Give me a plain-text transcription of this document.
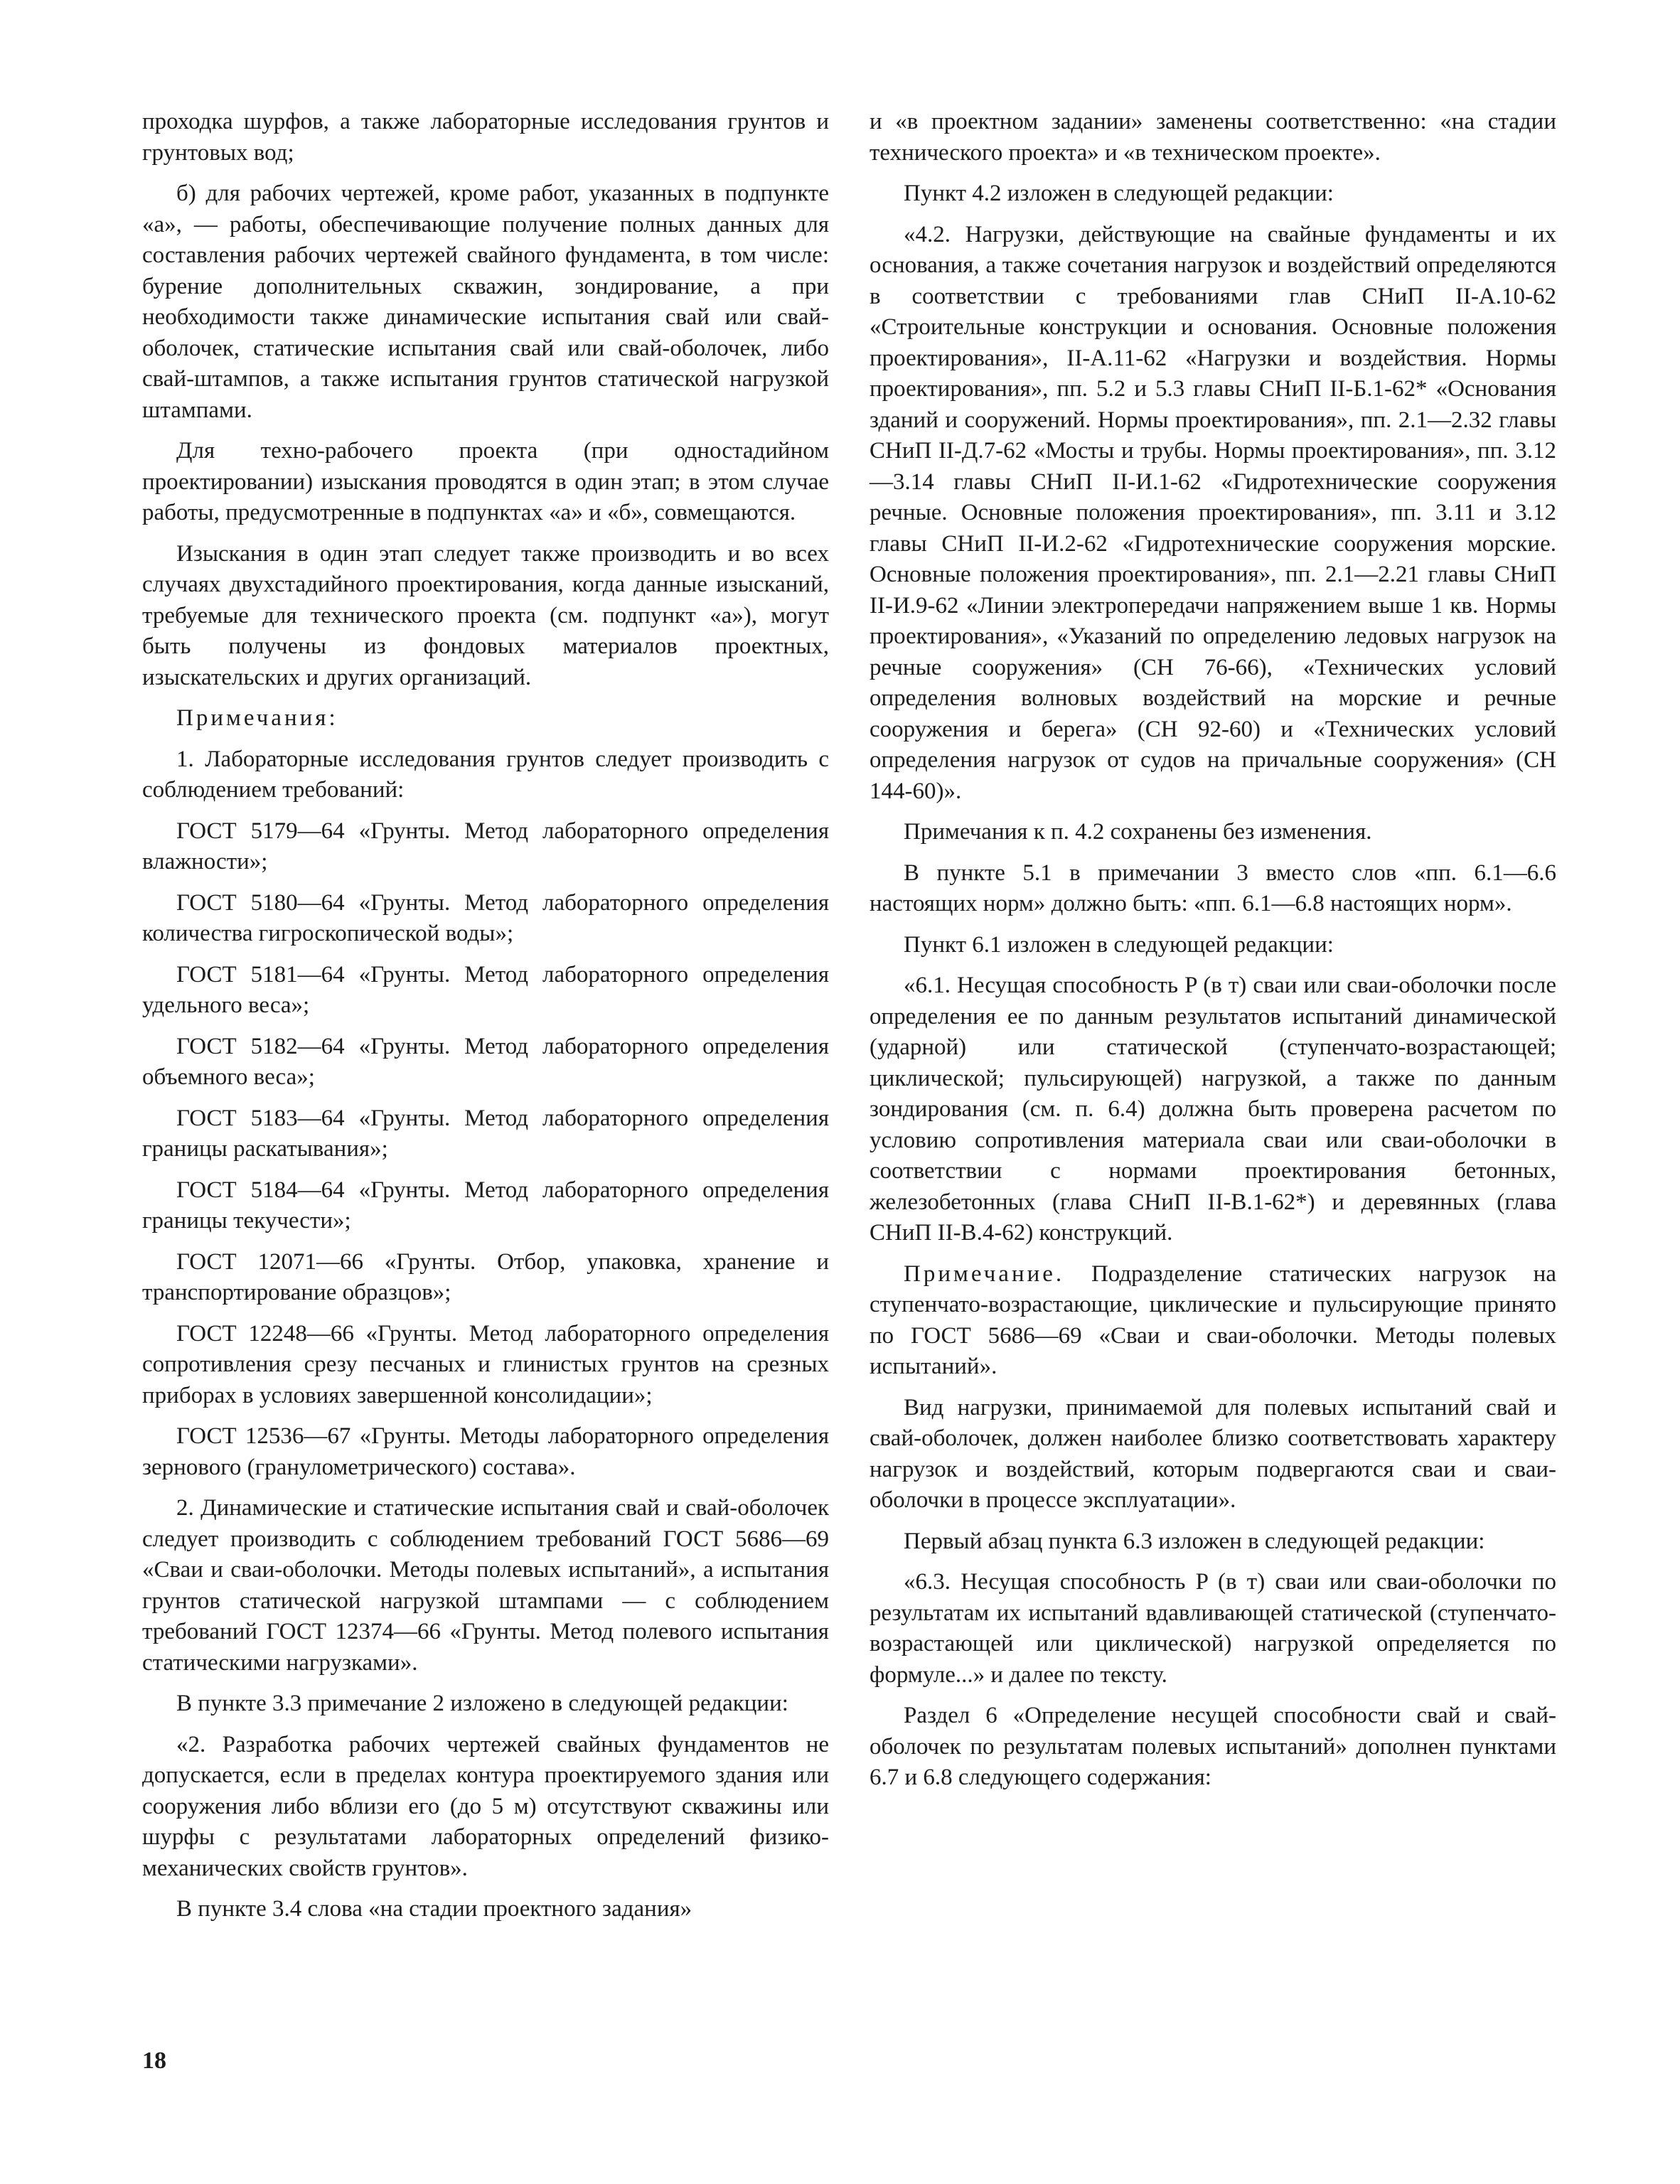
проходка шурфов, а также лабораторные исследования грунтов и грунтовых вод;

б) для рабочих чертежей, кроме работ, указанных в подпункте «а», — работы, обеспечивающие получение полных данных для составления рабочих чертежей свайного фундамента, в том числе: бурение дополнительных скважин, зондирование, а при необходимости также динамические испытания свай или свай-оболочек, статические испытания свай или свай-оболочек, либо свай-штампов, а также испытания грунтов статической нагрузкой штампами.

Для техно-рабочего проекта (при одностадийном проектировании) изыскания проводятся в один этап; в этом случае работы, предусмотренные в подпунктах «а» и «б», совмещаются.

Изыскания в один этап следует также производить и во всех случаях двухстадийного проектирования, когда данные изысканий, требуемые для технического проекта (см. подпункт «а»), могут быть получены из фондовых материалов проектных, изыскательских и других организаций.

Примечания:

1. Лабораторные исследования грунтов следует производить с соблюдением требований:

ГОСТ 5179—64 «Грунты. Метод лабораторного определения влажности»;

ГОСТ 5180—64 «Грунты. Метод лабораторного определения количества гигроскопической воды»;

ГОСТ 5181—64 «Грунты. Метод лабораторного определения удельного веса»;

ГОСТ 5182—64 «Грунты. Метод лабораторного определения объемного веса»;

ГОСТ 5183—64 «Грунты. Метод лабораторного определения границы раскатывания»;

ГОСТ 5184—64 «Грунты. Метод лабораторного определения границы текучести»;

ГОСТ 12071—66 «Грунты. Отбор, упаковка, хранение и транспортирование образцов»;

ГОСТ 12248—66 «Грунты. Метод лабораторного определения сопротивления срезу песчаных и глинистых грунтов на срезных приборах в условиях завершенной консолидации»;

ГОСТ 12536—67 «Грунты. Методы лабораторного определения зернового (гранулометрического) состава».

2. Динамические и статические испытания свай и свай-оболочек следует производить с соблюдением требований ГОСТ 5686—69 «Сваи и сваи-оболочки. Методы полевых испытаний», а испытания грунтов статической нагрузкой штампами — с соблюдением требований ГОСТ 12374—66 «Грунты. Метод полевого испытания статическими нагрузками».

В пункте 3.3 примечание 2 изложено в следующей редакции:

«2. Разработка рабочих чертежей свайных фундаментов не допускается, если в пределах контура проектируемого здания или сооружения либо вблизи его (до 5 м) отсутствуют скважины или шурфы с результатами лабораторных определений физико-механических свойств грунтов».

В пункте 3.4 слова «на стадии проектного задания»

и «в проектном задании» заменены соответственно: «на стадии технического проекта» и «в техническом проекте».

Пункт 4.2 изложен в следующей редакции:

«4.2. Нагрузки, действующие на свайные фундаменты и их основания, а также сочетания нагрузок и воздействий определяются в соответствии с требованиями глав СНиП II-А.10-62 «Строительные конструкции и основания. Основные положения проектирования», II-А.11-62 «Нагрузки и воздействия. Нормы проектирования», пп. 5.2 и 5.3 главы СНиП II-Б.1-62* «Основания зданий и сооружений. Нормы проектирования», пп. 2.1—2.32 главы СНиП II-Д.7-62 «Мосты и трубы. Нормы проектирования», пп. 3.12—3.14 главы СНиП II-И.1-62 «Гидротехнические сооружения речные. Основные положения проектирования», пп. 3.11 и 3.12 главы СНиП II-И.2-62 «Гидротехнические сооружения морские. Основные положения проектирования», пп. 2.1—2.21 главы СНиП II-И.9-62 «Линии электропередачи напряжением выше 1 кв. Нормы проектирования», «Указаний по определению ледовых нагрузок на речные сооружения» (СН 76-66), «Технических условий определения волновых воздействий на морские и речные сооружения и берега» (СН 92-60) и «Технических условий определения нагрузок от судов на причальные сооружения» (СН 144-60)».

Примечания к п. 4.2 сохранены без изменения.

В пункте 5.1 в примечании 3 вместо слов «пп. 6.1—6.6 настоящих норм» должно быть: «пп. 6.1—6.8 настоящих норм».

Пункт 6.1 изложен в следующей редакции:

«6.1. Несущая способность P (в т) сваи или сваи-оболочки после определения ее по данным результатов испытаний динамической (ударной) или статической (ступенчато-возрастающей; циклической; пульсирующей) нагрузкой, а также по данным зондирования (см. п. 6.4) должна быть проверена расчетом по условию сопротивления материала сваи или сваи-оболочки в соответствии с нормами проектирования бетонных, железобетонных (глава СНиП II-В.1-62*) и деревянных (глава СНиП II-В.4-62) конструкций.

Примечание. Подразделение статических нагрузок на ступенчато-возрастающие, циклические и пульсирующие принято по ГОСТ 5686—69 «Сваи и сваи-оболочки. Методы полевых испытаний».

Вид нагрузки, принимаемой для полевых испытаний свай и свай-оболочек, должен наиболее близко соответствовать характеру нагрузок и воздействий, которым подвергаются сваи и сваи-оболочки в процессе эксплуатации».

Первый абзац пункта 6.3 изложен в следующей редакции:

«6.3. Несущая способность P (в т) сваи или сваи-оболочки по результатам их испытаний вдавливающей статической (ступенчато-возрастающей или циклической) нагрузкой определяется по формуле...» и далее по тексту.

Раздел 6 «Определение несущей способности свай и свай-оболочек по результатам полевых испытаний» дополнен пунктами 6.7 и 6.8 следующего содержания:

18
